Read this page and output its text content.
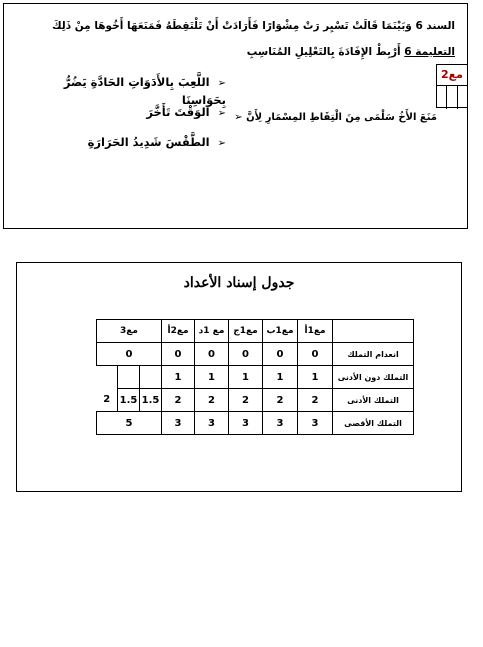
السند 6 وَبَيْنَمَا قَالَتْ تَسْيِر رَتْ مِشْوَارًا فَأَرَادَتْ أَنْ تَلْتَقِطَهُ فَمَنَعَهَا أَخُوهَا مِنْ ذَلِكَ
التعليمة 6 أَرْبِطْ الإِفَادَةَ بِالتَعْلِيلِ المُنَاسِبِ
مع2
➢ اللَّعِبَ بِالأَدَوَاتِ الحَادَّةِ يَضُرُّ بِحَوَاسِنَا
➢ الوَقْتَ تَأَخَّرَ
➢ الطَّقْسَ شَدِيدُ الحَرَارَةِ
مَنَعَ الأَخُ سَلْمَى مِنَ الْتِقَاطِ المِسْمَارِ لِأَنَّ ➢
جدول إسناد الأعداد
مع3			مع2أ	مع 1د	مع1ج	مع1ب	مع1أ	
0			0	0	0	0	0	انعدام التملك
			1	1	1	1	1	التملك دون الأدنى
2	1.5	1.5	2	2	2	2	2	التملك الأدنى
5			3	3	3	3	3	التملك الأقصى
